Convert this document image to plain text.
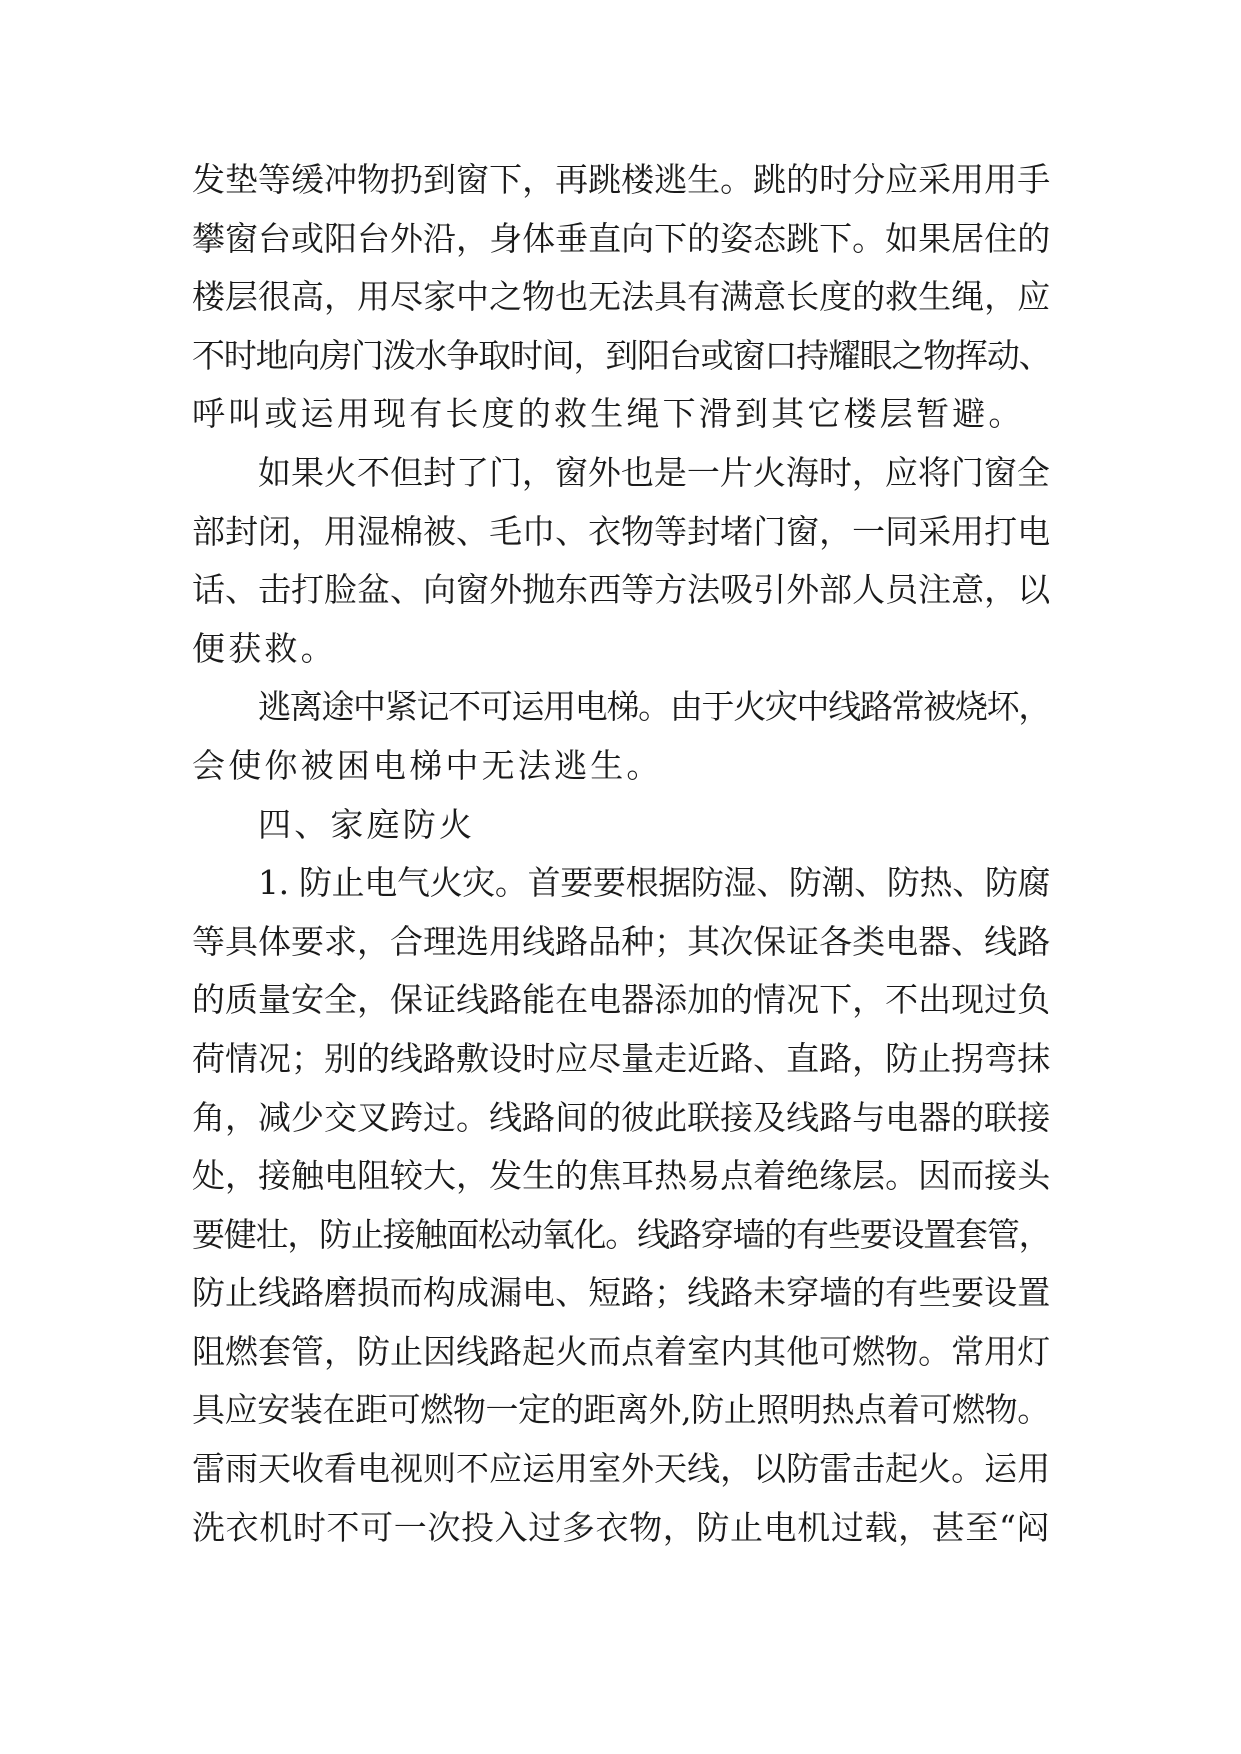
发垫等缓冲物扔到窗下，再跳楼逃生。跳的时分应采用用手
攀窗台或阳台外沿，身体垂直向下的姿态跳下。如果居住的
楼层很高，用尽家中之物也无法具有满意长度的救生绳，应
不时地向房门泼水争取时间，到阳台或窗口持耀眼之物挥动、
呼叫或运用现有长度的救生绳下滑到其它楼层暂避。
如果火不但封了门，窗外也是一片火海时，应将门窗全
部封闭，用湿棉被、毛巾、衣物等封堵门窗，一同采用打电
话、击打脸盆、向窗外抛东西等方法吸引外部人员注意，以
便获救。
逃离途中紧记不可运用电梯。由于火灾中线路常被烧坏，
会使你被困电梯中无法逃生。
四、家庭防火
1. 防止电气火灾。首要要根据防湿、防潮、防热、防腐
等具体要求，合理选用线路品种；其次保证各类电器、线路
的质量安全，保证线路能在电器添加的情况下，不出现过负
荷情况；别的线路敷设时应尽量走近路、直路，防止拐弯抹
角，减少交叉跨过。线路间的彼此联接及线路与电器的联接
处，接触电阻较大，发生的焦耳热易点着绝缘层。因而接头
要健壮，防止接触面松动氧化。线路穿墙的有些要设置套管，
防止线路磨损而构成漏电、短路；线路未穿墙的有些要设置
阻燃套管，防止因线路起火而点着室内其他可燃物。常用灯
具应安装在距可燃物一定的距离外,防止照明热点着可燃物。
雷雨天收看电视则不应运用室外天线，以防雷击起火。运用
洗衣机时不可一次投入过多衣物，防止电机过载，甚至“闷
